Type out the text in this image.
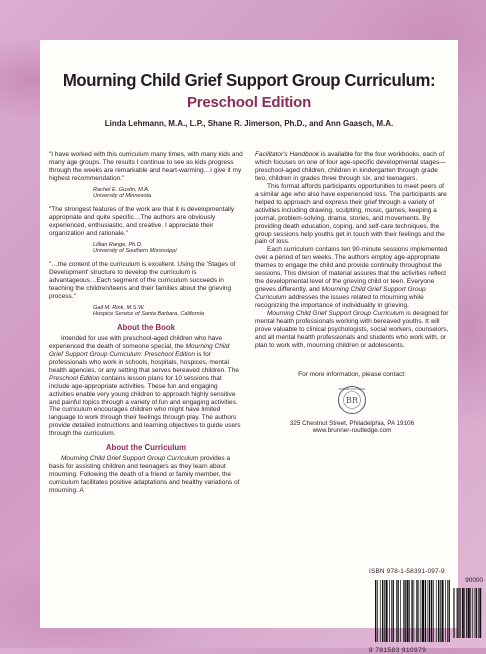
Mourning Child Grief Support Group Curriculum:
Preschool Edition
Linda Lehmann, M.A., L.P., Shane R. Jimerson, Ph.D., and Ann Gaasch, M.A.

"I have worked with this curriculum many times, with many kids and many age groups. The results I continue to see as kids progress through the weeks are remarkable and heart-warming…I give it my highest recommendation."

Rachel E. Gustin, M.A.
University of Minnesota

"The strongest features of the work are that it is developmentally appropriate and quite specific…The authors are obviously experienced, enthusiastic, and creative. I appreciate their organization and rationale."

Lillian Range, Ph.D.
University of Southern Mississippi

"…the content of the curriculum is excellent. Using the 'Stages of Development' structure to develop the curriculum is advantageous…Each segment of the curriculum succeeds in teaching the children/teens and their families about the grieving process."

Gail M. Rink, M.S.W.
Hospice Service of Santa Barbara, California
About the Book

Intended for use with preschool-aged children who have experienced the death of someone special, the Mourning Child Grief Support Group Curriculum: Preschool Edition is for professionals who work in schools, hospitals, hospices, mental health agencies, or any setting that serves bereaved children. The Preschool Edition contains lesson plans for 10 sessions that include age-appropriate activities. These fun and engaging activities enable very young children to approach highly sensitive and painful topics through a variety of fun and engaging activities. The curriculum encourages children who might have limited language to work through their feelings through play. The authors provide detailed instructions and learning objectives to guide users through the curriculum.

About the Curriculum

Mourning Child Grief Support Group Curriculum provides a basis for assisting children and teenagers as they learn about mourning. Following the death of a friend or family member, the curriculum facilitates positive adaptations and healthy variations of mourning. A

Facilitator's Handbook is available for the four workbooks, each of which focuses on one of four age-specific developmental stages—preschool-aged children, children in kindergarten through grade two, children in grades three through six, and teenagers.

This format affords participants opportunities to meet peers of a similar age who also have experienced loss. The participants are helped to approach and express their grief through a variety of activities including drawing, sculpting, music, games, keeping a journal, problem-solving, drama, stories, and movements. By providing death education, coping, and self-care techniques, the group sessions help youths get in touch with their feelings and the pain of loss.

Each curriculum contains ten 90-minute sessions implemented over a period of ten weeks. The authors employ age-appropriate themes to engage the child and provide continuity throughout the sessions. This division of material assures that the activities reflect the developmental level of the grieving child or teen. Everyone grieves differently, and Mourning Child Grief Support Group Curriculum addresses the issues related to mourning while recognizing the importance of individuality in grieving.

Mourning Child Grief Support Group Curriculum is designed for mental health professionals working with bereaved youths. It will prove valuable to clinical psychologists, social workers, counselors, and all mental health professionals and students who work with, or plan to work with, mourning children or adolescents.

For more information, please contact:
BR
BRUNNER-ROUTLEDGE
325 Chestnut Street, Philadelphia, PA 19106
www.brunner-routledge.com
ISBN 978-1-58391-097-9
90000
9 781583 910979
